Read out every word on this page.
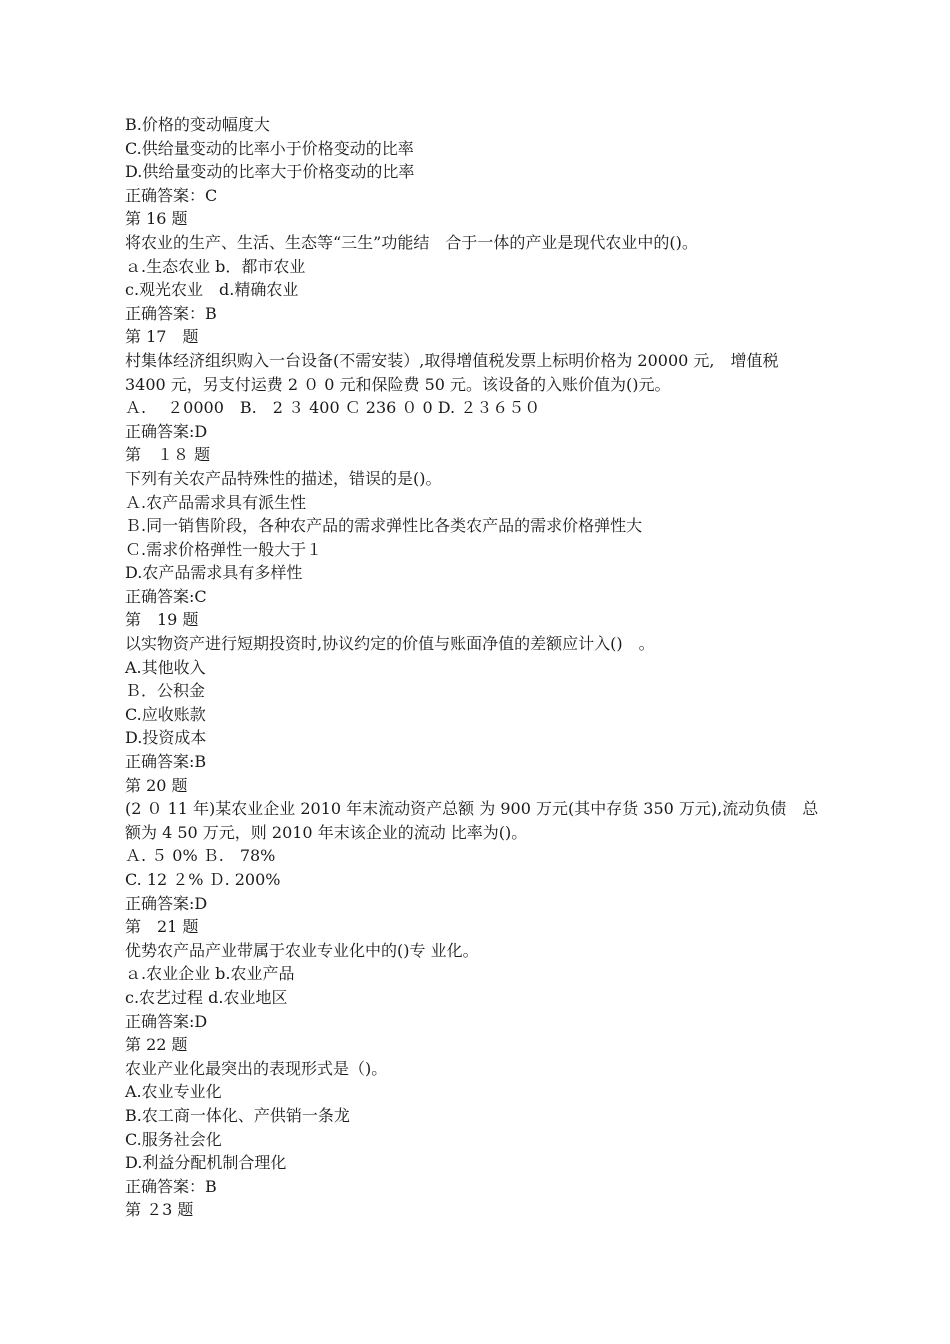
B.价格的变动幅度大
C.供给量变动的比率小于价格变动的比率
D.供给量变动的比率大于价格变动的比率
正确答案：C
第 16 题
将农业的生产、生活、生态等“三生”功能结　合于一体的产业是现代农业中的()。
ａ.生态农业 b．都市农业
c.观光农业　d.精确农业
正确答案：B
第 17　题
村集体经济组织购入一台设备(不需安装）,取得增值税发票上标明价格为 20000 元,　增值税
3400 元，另支付运费 2 ０ 0 元和保险费 50 元。该设备的入账价值为()元。
Ａ.　 ２0000　B.　2 ３ 400 Ｃ 236 ０ 0 D. ２３６５０
正确答案:D
第　１８ 题
下列有关农产品特殊性的描述，错误的是()。
Ａ.农产品需求具有派生性
Ｂ.同一销售阶段，各种农产品的需求弹性比各类农产品的需求价格弹性大
Ｃ.需求价格弹性一般大于１
D.农产品需求具有多样性
正确答案:C
第　19 题
以实物资产进行短期投资时,协议约定的价值与账面净值的差额应计入()　。
A.其他收入
Ｂ．公积金
C.应收账款
D.投资成本
正确答案:B
第 20 题
(2 ０ 11 年)某农业企业 2010 年末流动资产总额 为 900 万元(其中存货 350 万元),流动负债　总
额为 4 50 万元，则 2010 年末该企业的流动 比率为()。
Ａ. ５ 0% Ｂ.　78%
C. 12 ２% Ｄ. 200%
正确答案:D
第　21 题
优势农产品产业带属于农业专业化中的()专 业化。
ａ.农业企业 b.农业产品
c.农艺过程 d.农业地区
正确答案:D
第 22 题
农业产业化最突出的表现形式是（)。
A.农业专业化
B.农工商一体化、产供销一条龙
C.服务社会化
D.利益分配机制合理化
正确答案：B
第 ２3 题
